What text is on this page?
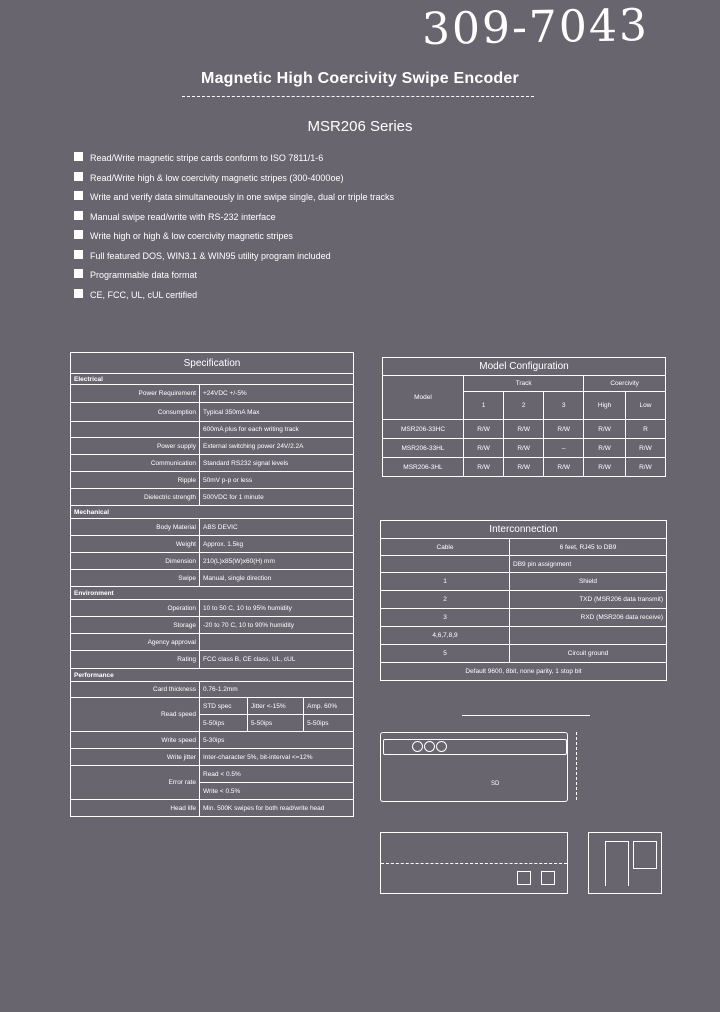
309-7043
Magnetic High Coercivity Swipe Encoder
MSR206 Series
Read/Write magnetic stripe cards conform to ISO 7811/1-6
Read/Write high & low coercivity magnetic stripes (300-4000oe)
Write and verify data simultaneously in one swipe single, dual or triple tracks
Manual swipe read/write with RS-232 interface
Write high or high & low coercivity magnetic stripes
Full featured DOS, WIN3.1 & WIN95 utility program included
Programmable data format
CE, FCC, UL, cUL certified
Specification			
Electrical			
Power Requirement	+24VDC +/-5%		
Consumption	Typical 350mA Max		
	600mA plus for each writing track		
Power supply	External switching power 24V/2.2A		
Communication	Standard RS232 signal levels		
Ripple	50mV p-p or less		
Dielectric strength	500VDC for 1 minute		
Mechanical			
Body Material	ABS DEVIC		
Weight	Approx. 1.5kg		
Dimension	210(L)x85(W)x60(H) mm		
Swipe	Manual, single direction		
Environment			
Operation	10 to 50 C, 10 to 95% humidity		
Storage	-20 to 70 C, 10 to 90% humidity		
Agency approval			
Rating	FCC class B, CE class, UL, cUL		
Performance			
Card thickness	0.76-1.2mm		
Read speed	STD spec	Jitter <-15%	Amp. 60%
	5-50ips	5-50ips	5-50ips
Write speed	5-30ips		
Write jitter	Inter-character 5%, bit-interval <=12%		
Error rate	Read < 0.5%		
	Write < 0.5%		
Head life	Min. 500K swipes for both read/write head		
Model Configuration					
Model	Track			Coercivity	
	1	2	3	High	Low
MSR206-33HC	R/W	R/W	R/W	R/W	R
MSR206-33HL	R/W	R/W	–	R/W	R/W
MSR206-3HL	R/W	R/W	R/W	R/W	R/W
Interconnection	
Cable	6 feet, RJ45 to DB9
	DB9 pin assignment
1	Shield
2	TXD (MSR206 data transmit)
3	RXD (MSR206 data receive)
4,6,7,8,9	
5	Circuit ground
Default 9600, 8bit, none parity, 1 stop bit	
SD
